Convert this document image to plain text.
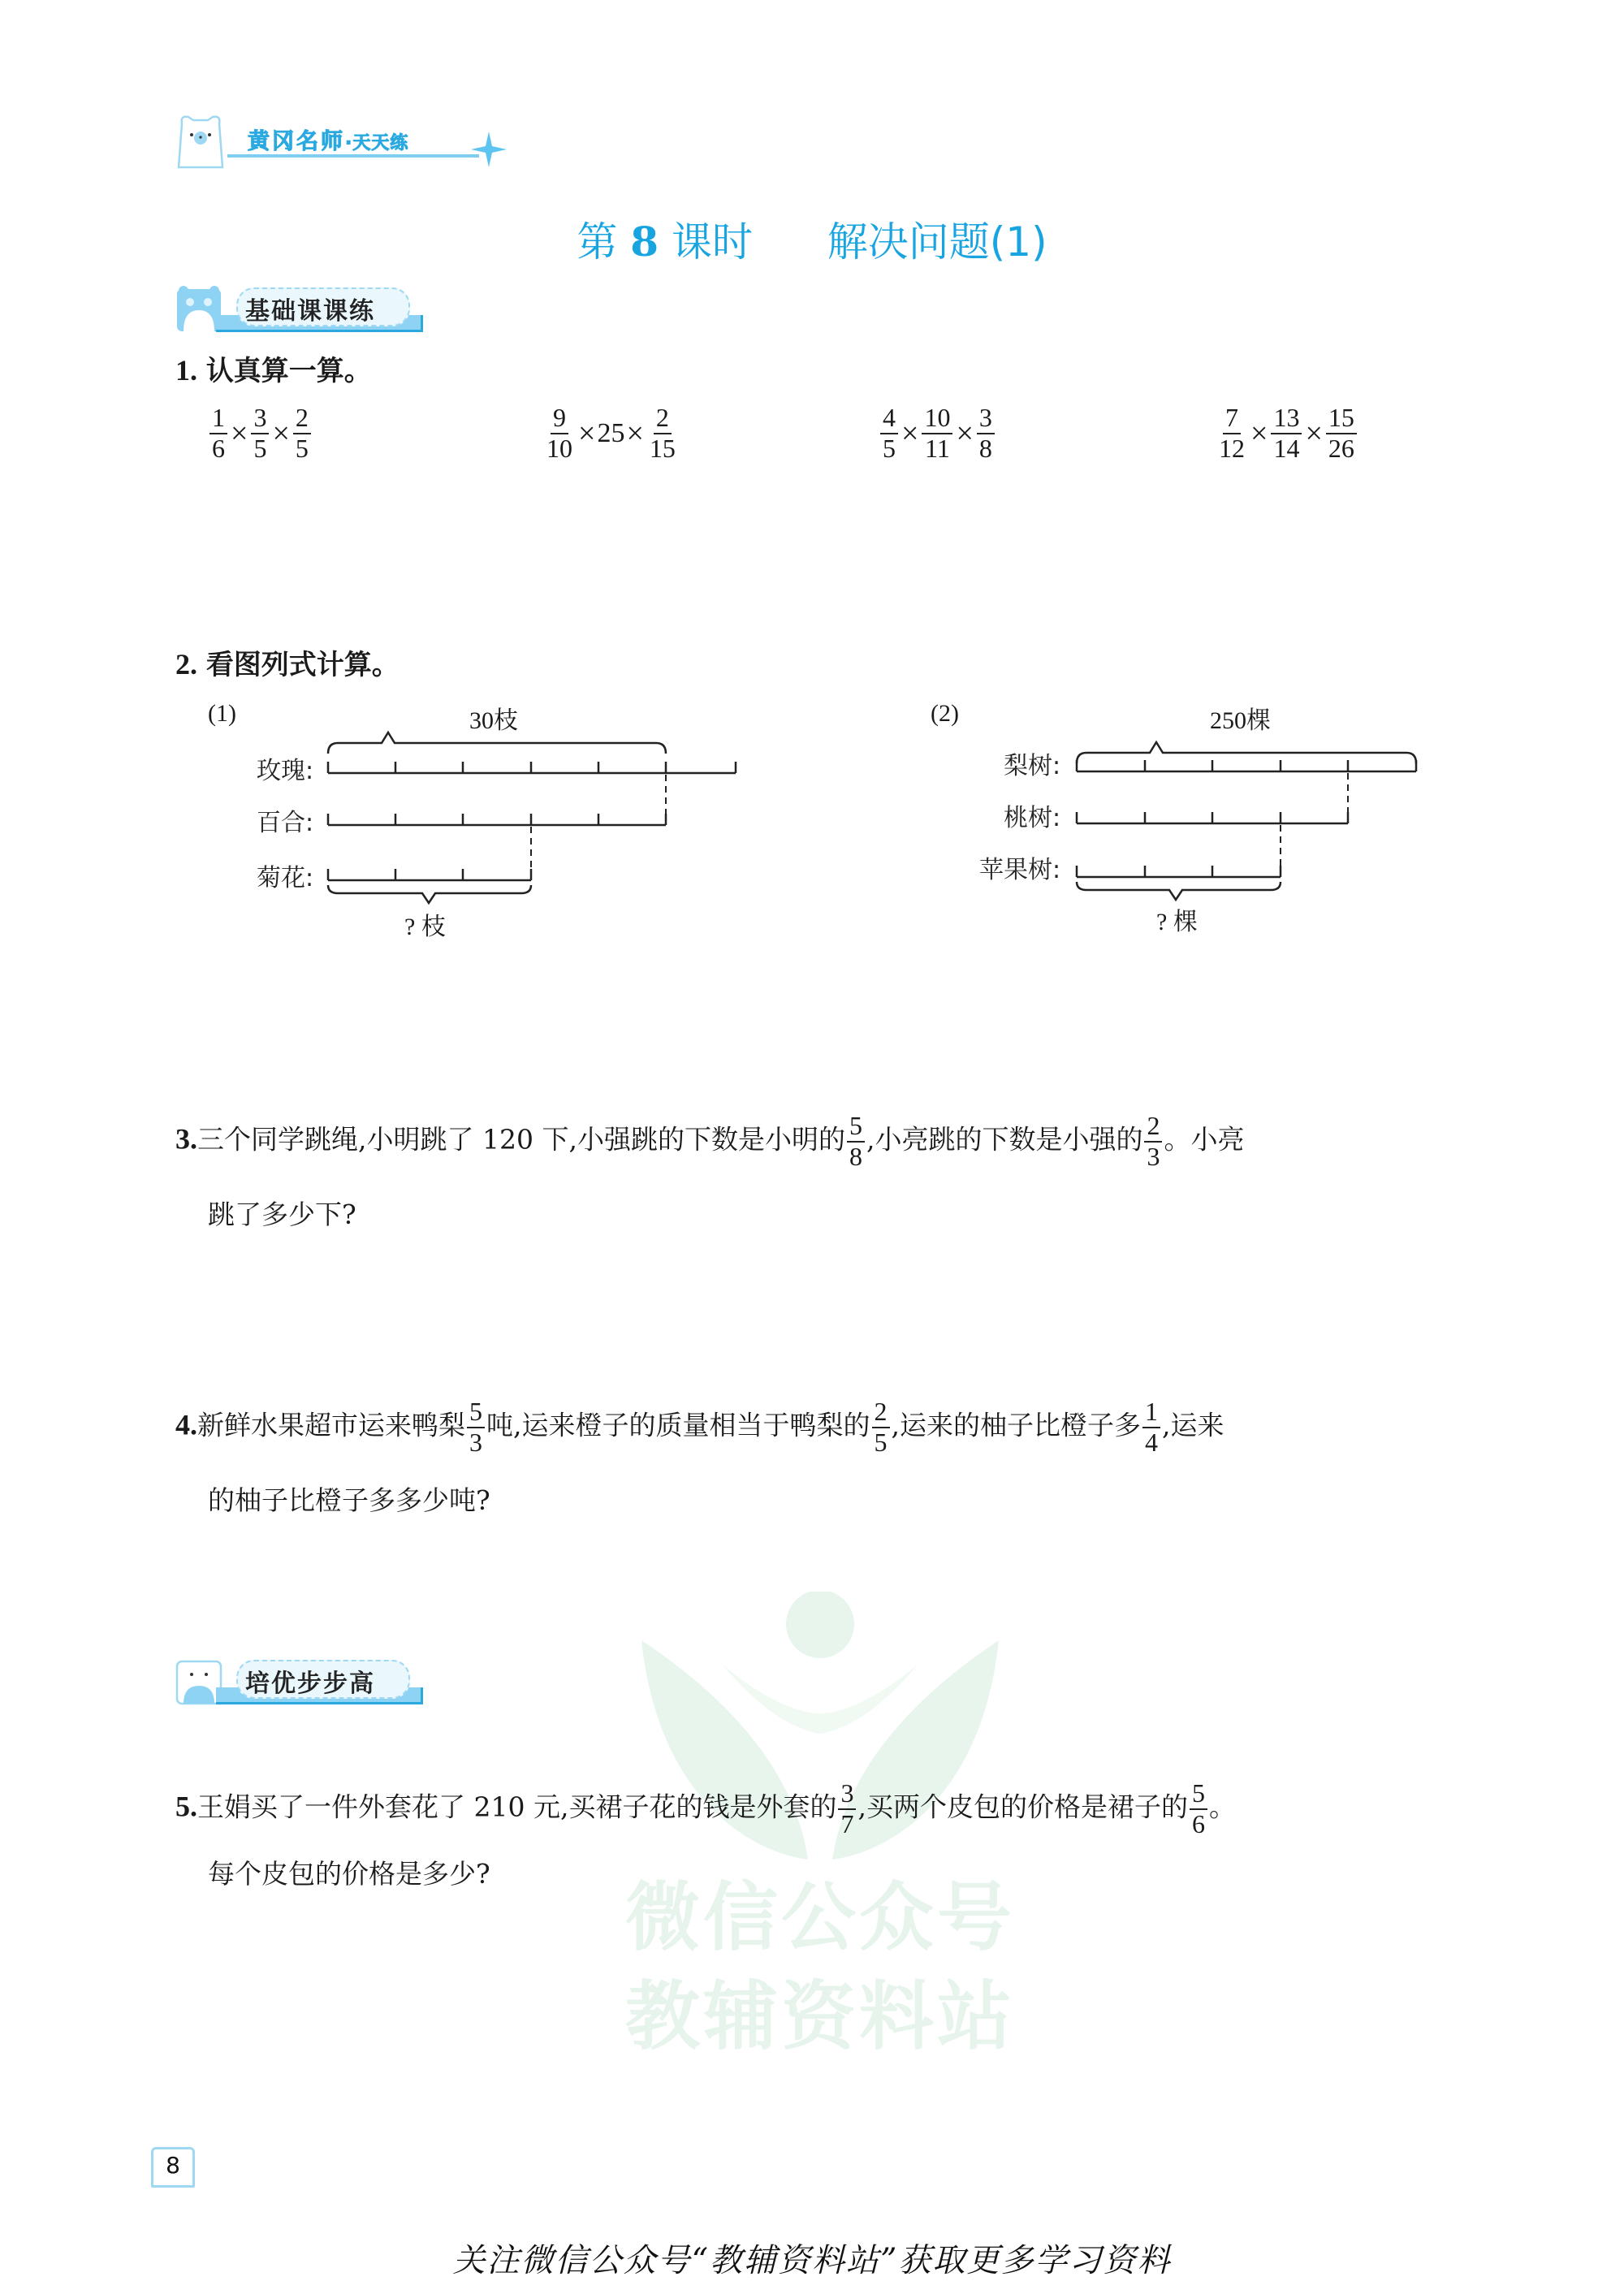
微信公众号
教辅资料站
黄冈名师·天天练
第 8 课时 解决问题(1)
基础课课练
1. 认真算一算。
$\frac{1}{6} \times \frac{3}{5} \times \frac{2}{5}$	$\frac{9}{10} \times 25 \times \frac{2}{15}$	$\frac{4}{5} \times \frac{10}{11} \times \frac{3}{8}$	$\frac{7}{12} \times \frac{13}{14} \times \frac{15}{26}$
2. 看图列式计算。
(1)	30枝
玫瑰:
百合:
菊花:
? 枝
(2)	250棵
梨树:
桃树:
苹果树:
? 棵
3.三个同学跳绳,小明跳了 120 下,小强跳的下数是小明的 $\frac{5}{8}$ ,小亮跳的下数是小强的 $\frac{2}{3}$ 。小亮
跳了多少下?
4.新鲜水果超市运来鸭梨 $\frac{5}{3}$ 吨,运来橙子的质量相当于鸭梨的 $\frac{2}{5}$ ,运来的柚子比橙子多 $\frac{1}{4}$ ,运来
的柚子比橙子多多少吨?
培优步步高
5.王娟买了一件外套花了 210 元,买裙子花的钱是外套的 $\frac{3}{7}$ ,买两个皮包的价格是裙子的 $\frac{5}{6}$ 。
每个皮包的价格是多少?
8
关注微信公众号“教辅资料站”获取更多学习资料
